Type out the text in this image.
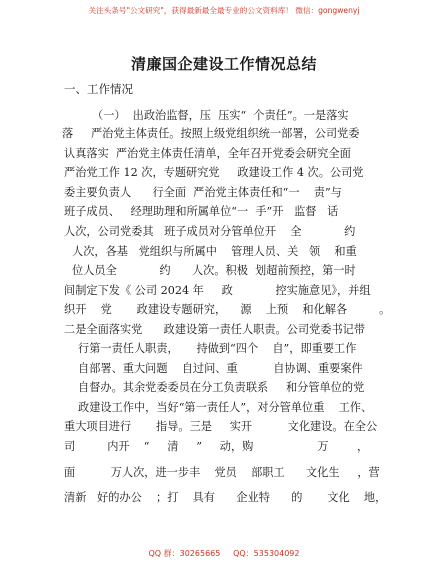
关注头条号"公文研究"，获得最新最全最专业的公文资料库！ 微信：gongwenyj
清廉国企建设工作情况总结
一、工作情况
（一）  出政治监督，压  压实“  个责任”。一是落实
落     严治党主体责任。按照上级党组织统一部署，公司党委
认真落实  严治党主体责任清单，全年召开党委会研究全面
严治党工作 12 次，专题研究党     政建设工作 4 次。公司党
委主要负责人      行全面  严治党主体责任和“一    责”与
班子成员、   经理助理和所属单位“一  手”开   监督   话
人次，公司党委其   班子成员对分管单位开    全            约
人次，各基   党组织与所属中    管理人员、关   领    和重
位人员全            约      人次。积极  划超前预控，第一时
间制定下发《 公司 2024 年     政            控实施意见》，并组
织开    党       政建设专题研究，    源    上预    和化解各         。
二是全面落实党      政建设第一责任人职责。公司党委书记带
行第一责任人职责，     持做到“四个    自”，即重要工作
自部署、重大问题    自过问、重          自协调、重要案件
自督办。其余党委委员在分工负责联系     和分管单位的党
政建设工作中，当好“第一责任人”，对分管单位重    工作、
重大项目进行       指导。三是     实开          文化建设。在全公
司         内开    “     清     ”     动，购                  万        ，
面          万人次，进一步丰    党员    部职工      文化生     ，营
清新   好的办公    ；打    具有      企业特      的       文化    地，
QQ 群：30265665 QQ：535304092
